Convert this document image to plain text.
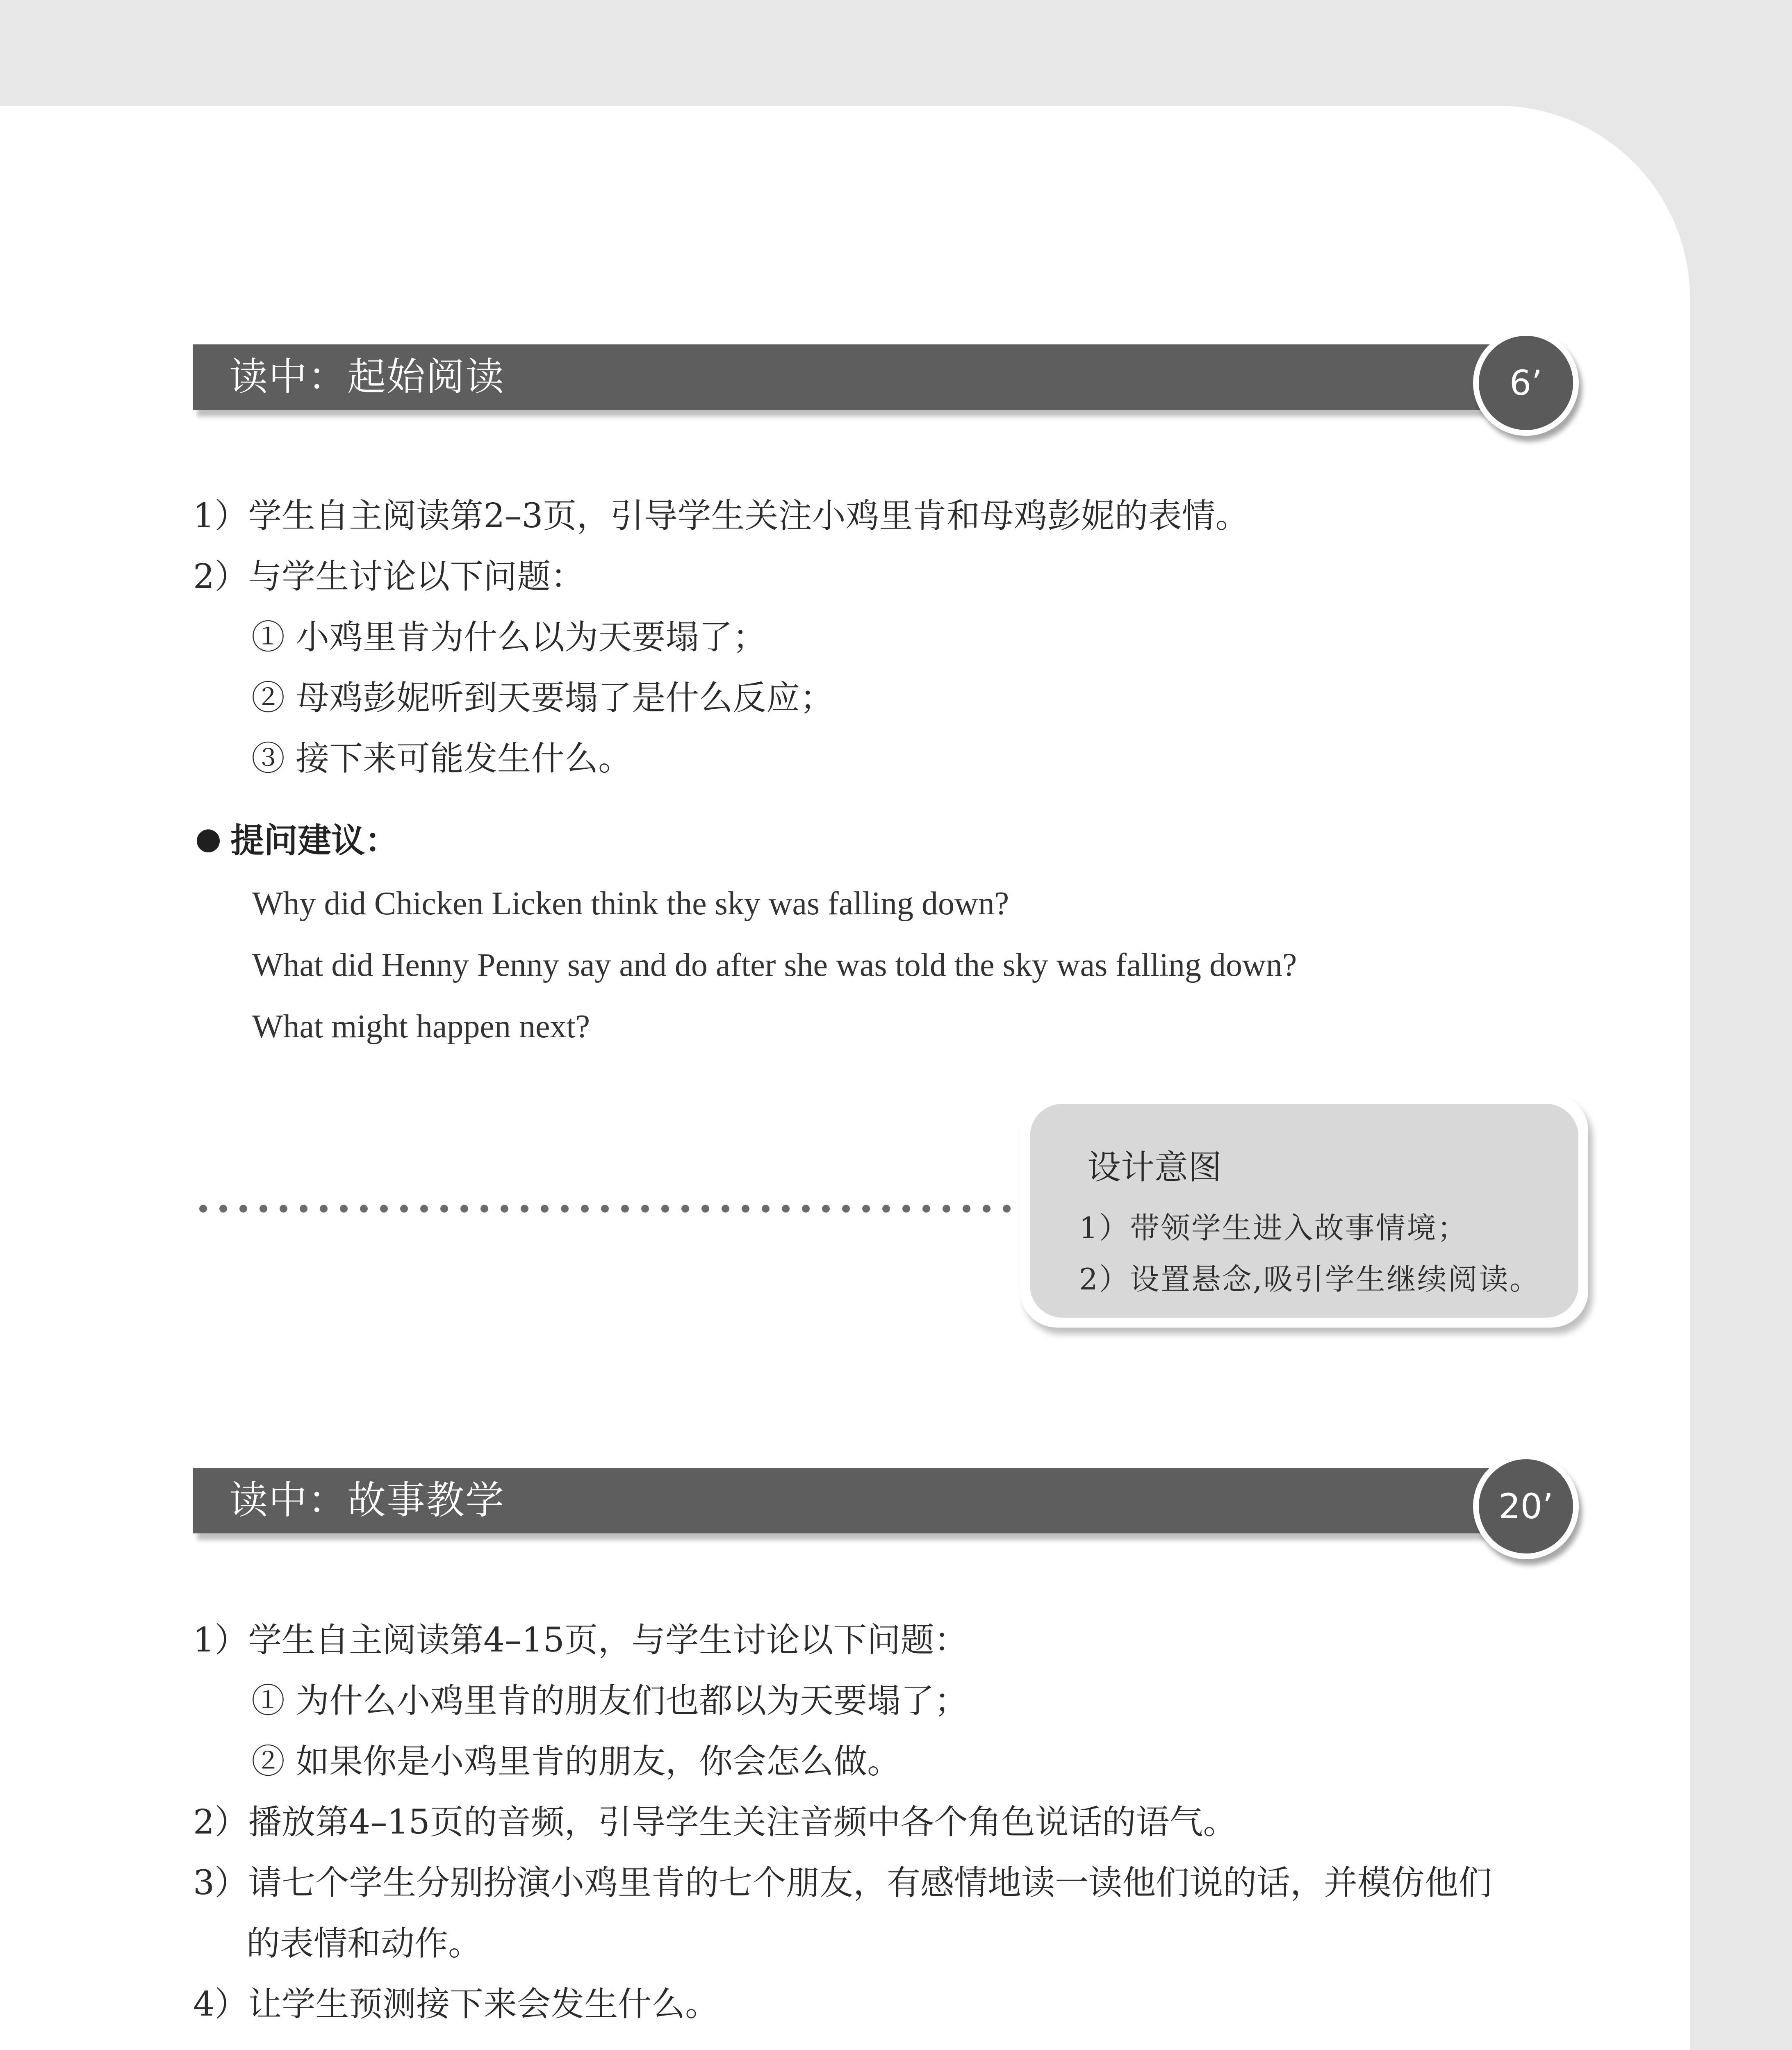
读中：起始阅读	6’
1）学生自主阅读第2–3页，引导学生关注小鸡里肯和母鸡彭妮的表情。
2）与学生讨论以下问题：
① 小鸡里肯为什么以为天要塌了；
② 母鸡彭妮听到天要塌了是什么反应；
③ 接下来可能发生什么。
提问建议：
Why did Chicken Licken think the sky was falling down?
What did Henny Penny say and do after she was told the sky was falling down?
What might happen next?
设计意图
1）带领学生进入故事情境；
2）设置悬念,吸引学生继续阅读。
读中：故事教学	20’
1）学生自主阅读第4–15页，与学生讨论以下问题：
① 为什么小鸡里肯的朋友们也都以为天要塌了；
② 如果你是小鸡里肯的朋友，你会怎么做。
2）播放第4–15页的音频，引导学生关注音频中各个角色说话的语气。
3）请七个学生分别扮演小鸡里肯的七个朋友，有感情地读一读他们说的话，并模仿他们
的表情和动作。
4）让学生预测接下来会发生什么。
